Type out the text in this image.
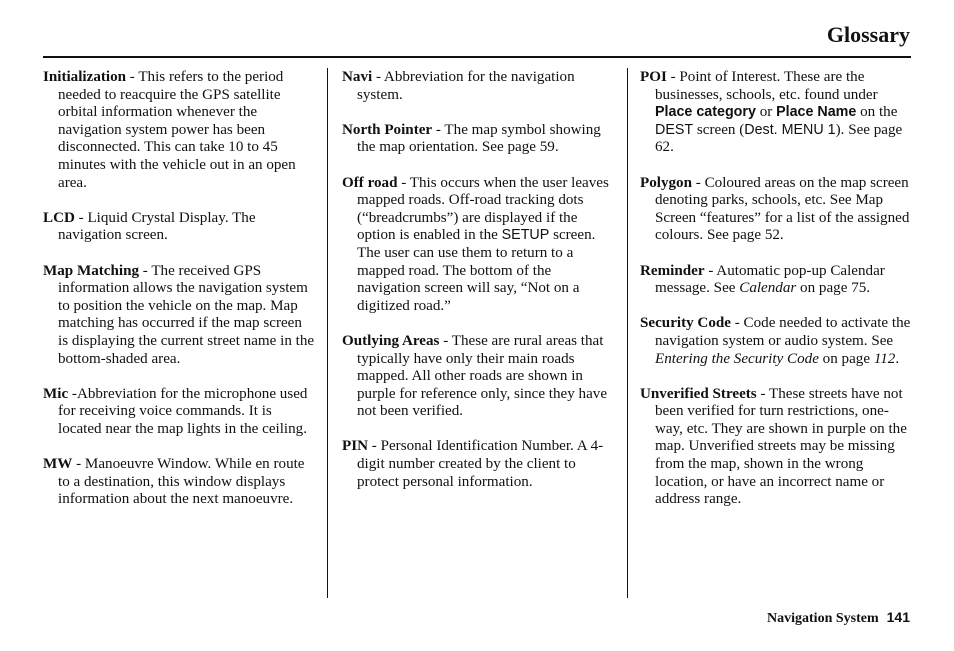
Glossary

Initialization - This refers to the period needed to reacquire the GPS satellite orbital information whenever the navigation system power has been disconnected. This can take 10 to 45 minutes with the vehicle out in an open area.

LCD - Liquid Crystal Display. The navigation screen.

Map Matching - The received GPS information allows the navigation system to position the vehicle on the map. Map matching has occurred if the map screen is displaying the current street name in the bottom-shaded area.

Mic -Abbreviation for the microphone used for receiving voice commands. It is located near the map lights in the ceiling.

MW - Manoeuvre Window. While en route to a destination, this window displays information about the next manoeuvre.

Navi - Abbreviation for the navigation system.

North Pointer - The map symbol showing the map orientation. See page 59.

Off road - This occurs when the user leaves mapped roads. Off-road tracking dots (“breadcrumbs”) are displayed if the option is enabled in the SETUP screen. The user can use them to return to a mapped road. The bottom of the navigation screen will say, “Not on a digitized road.”

Outlying Areas - These are rural areas that typically have only their main roads mapped. All other roads are shown in purple for reference only, since they have not been verified.

PIN - Personal Identification Number. A 4-digit number created by the client to protect personal information.

POI - Point of Interest. These are the businesses, schools, etc. found under Place category or Place Name on the DEST screen (Dest. MENU 1). See page 62.

Polygon - Coloured areas on the map screen denoting parks, schools, etc. See Map Screen “features” for a list of the assigned colours. See page 52.

Reminder - Automatic pop-up Calendar message. See Calendar on page 75.

Security Code - Code needed to activate the navigation system or audio system. See Entering the Security Code on page 112.

Unverified Streets - These streets have not been verified for turn restrictions, one-way, etc. They are shown in purple on the map. Unverified streets may be missing from the map, shown in the wrong location, or have an incorrect name or address range.

Navigation System 141
